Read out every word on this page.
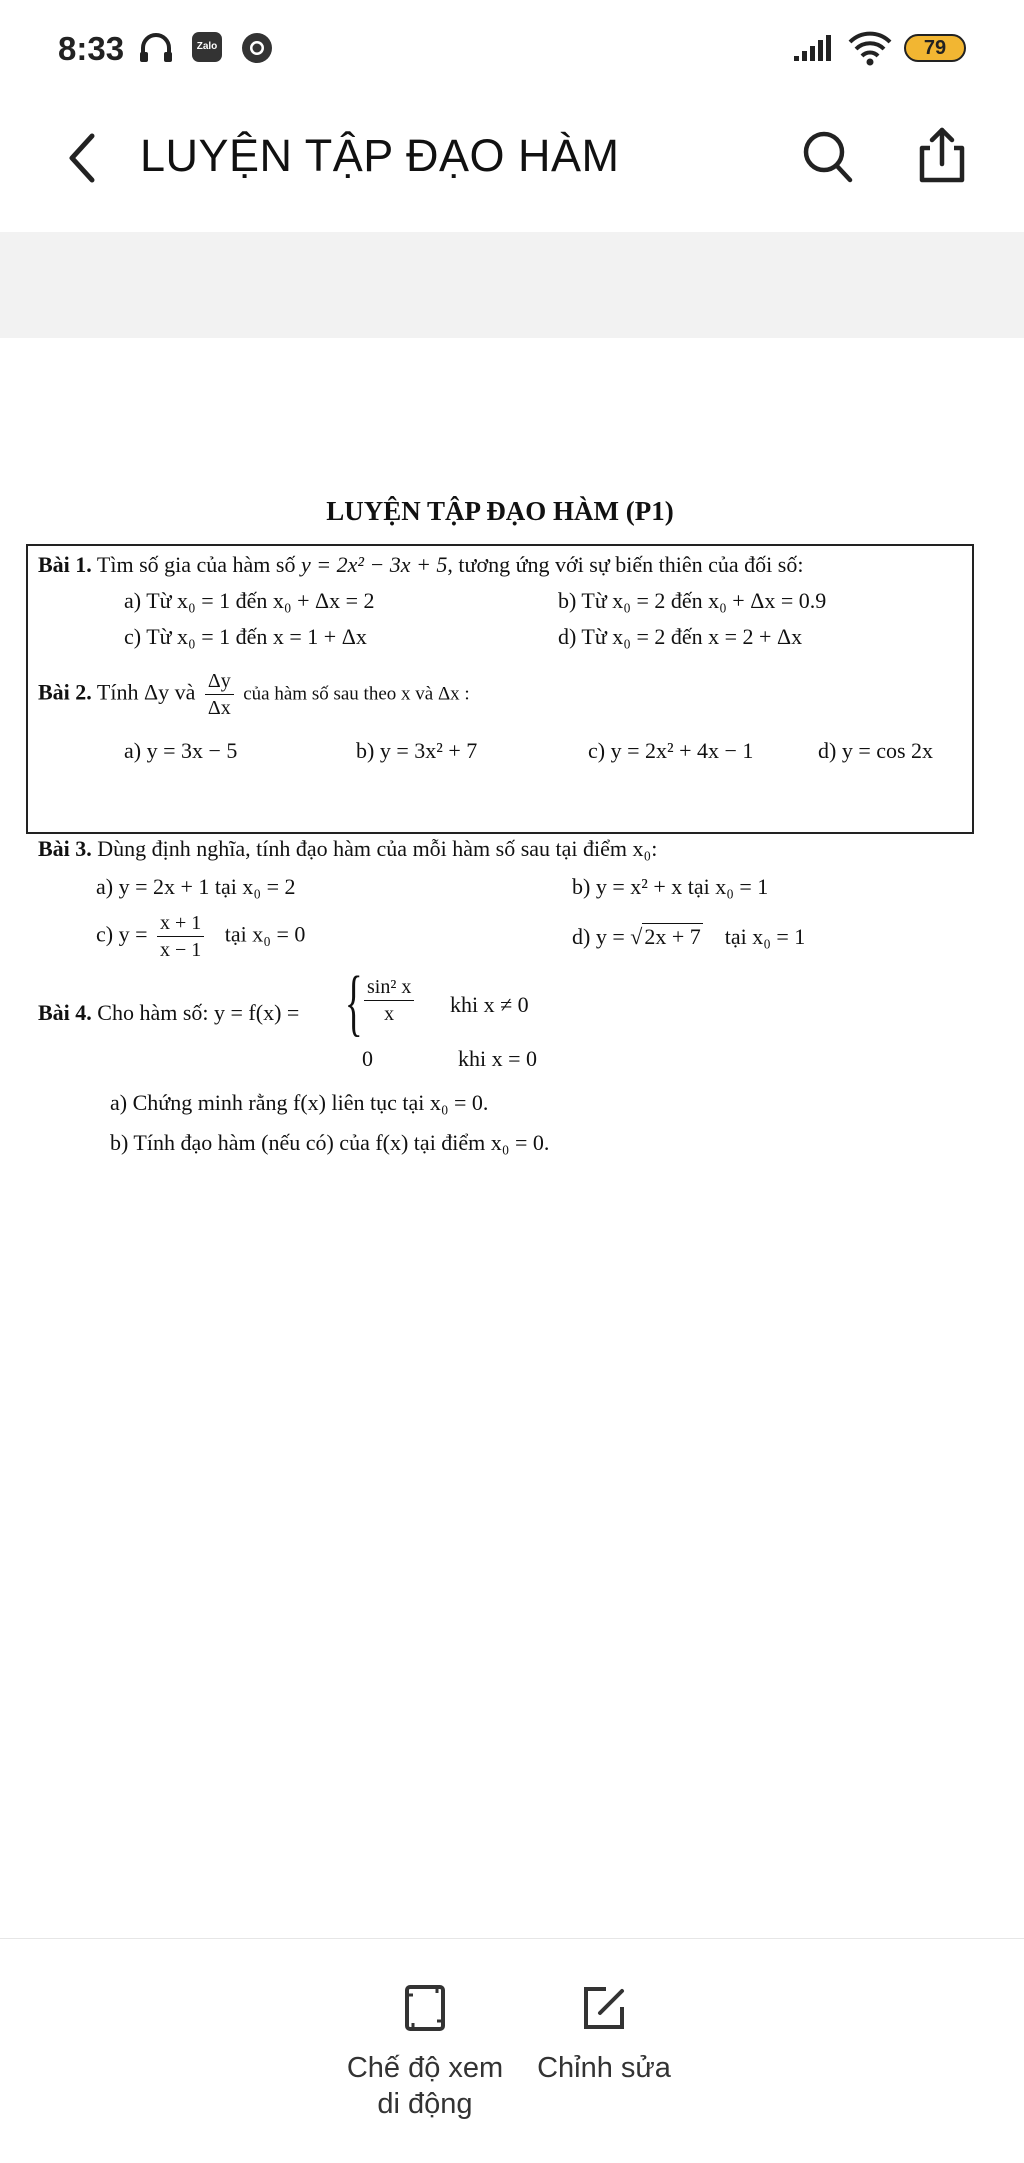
8:33	Zalo	79
LUYỆN TẬP ĐẠO HÀM
LUYỆN TẬP ĐẠO HÀM (P1)
Bài 1. Tìm số gia của hàm số y = 2x² − 3x + 5, tương ứng với sự biến thiên của đối số:
a) Từ x₀ = 1 đến x₀ + Δx = 2	b) Từ x₀ = 2 đến x₀ + Δx = 0.9
c) Từ x₀ = 1 đến x = 1 + Δx	d) Từ x₀ = 2 đến x = 2 + Δx
Bài 2. Tính Δy và $\frac{\Delta y}{\Delta x}$ của hàm số sau theo x và Δx :
a) y = 3x − 5	b) y = 3x² + 7	c) y = 2x² + 4x − 1	d) y = cos 2x
Bài 3. Dùng định nghĩa, tính đạo hàm của mỗi hàm số sau tại điểm x₀:
a) y = 2x + 1 tại x₀ = 2	b) y = x² + x tại x₀ = 1
c) $y = \frac{x + 1}{x - 1}$ tại x₀ = 0	d) y = √2x + 7 tại x₀ = 1
Bài 4. Cho hàm số: y = f(x) = { $\frac{\text{sin² x}}{x}$ khi x ≠ 0
0	khi x = 0
a) Chứng minh rằng f(x) liên tục tại x₀ = 0.
b) Tính đạo hàm (nếu có) của f(x) tại điểm x₀ = 0.
Chế độ xem
di động
Chỉnh sửa
